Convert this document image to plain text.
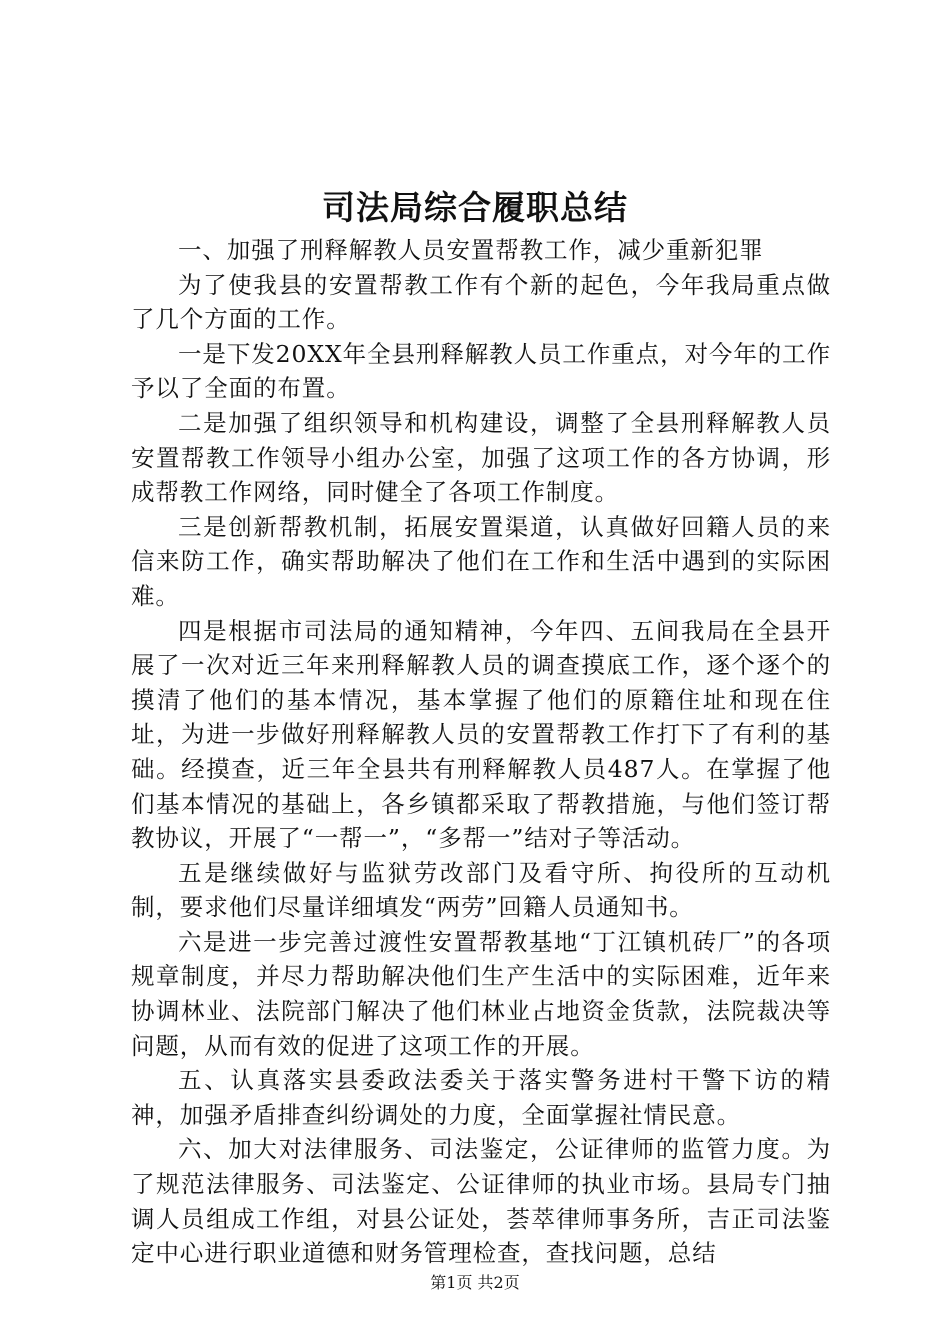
司法局综合履职总结

一、加强了刑释解教人员安置帮教工作，减少重新犯罪

为了使我县的安置帮教工作有个新的起色，今年我局重点做了几个方面的工作。

一是下发20XX年全县刑释解教人员工作重点，对今年的工作予以了全面的布置。

二是加强了组织领导和机构建设，调整了全县刑释解教人员安置帮教工作领导小组办公室，加强了这项工作的各方协调，形成帮教工作网络，同时健全了各项工作制度。

三是创新帮教机制，拓展安置渠道，认真做好回籍人员的来信来防工作，确实帮助解决了他们在工作和生活中遇到的实际困难。

四是根据市司法局的通知精神，今年四、五间我局在全县开展了一次对近三年来刑释解教人员的调查摸底工作，逐个逐个的摸清了他们的基本情况，基本掌握了他们的原籍住址和现在住址，为进一步做好刑释解教人员的安置帮教工作打下了有利的基础。经摸查，近三年全县共有刑释解教人员487人。在掌握了他们基本情况的基础上，各乡镇都采取了帮教措施，与他们签订帮教协议，开展了“一帮一”，“多帮一”结对子等活动。

五是继续做好与监狱劳改部门及看守所、拘役所的互动机制，要求他们尽量详细填发“两劳”回籍人员通知书。

六是进一步完善过渡性安置帮教基地“丁江镇机砖厂”的各项规章制度，并尽力帮助解决他们生产生活中的实际困难，近年来协调林业、法院部门解决了他们林业占地资金货款，法院裁决等问题，从而有效的促进了这项工作的开展。

五、认真落实县委政法委关于落实警务进村干警下访的精神，加强矛盾排查纠纷调处的力度，全面掌握社情民意。

六、加大对法律服务、司法鉴定，公证律师的监管力度。为了规范法律服务、司法鉴定、公证律师的执业市场。县局专门抽调人员组成工作组，对县公证处，荟萃律师事务所，吉正司法鉴定中心进行职业道德和财务管理检查，查找问题，总结

第1页 共2页
